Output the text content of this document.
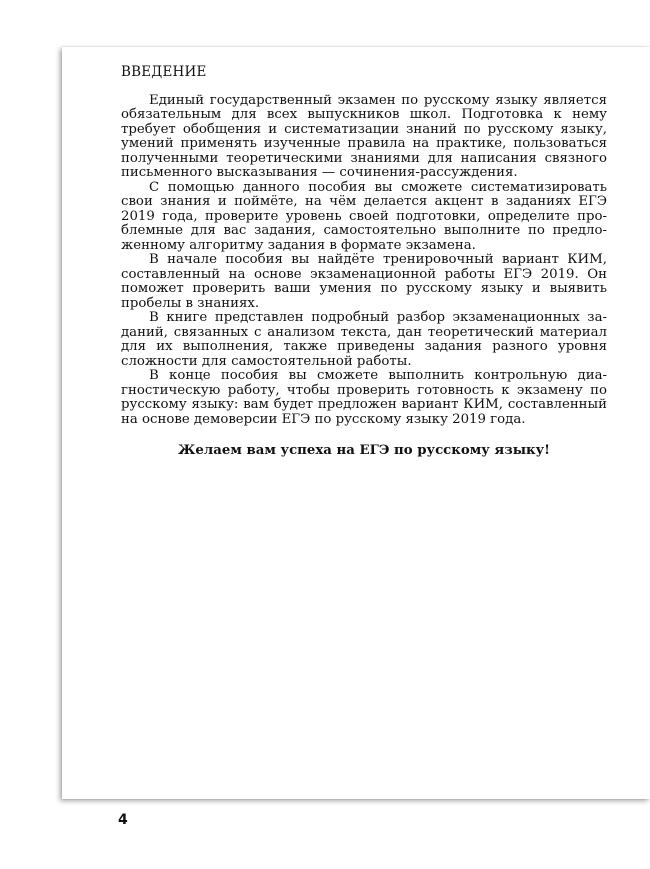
ВВЕДЕНИЕ

Единый государственный экзамен по русскому языку является обязательным для всех выпускников школ. Подготовка к нему требует обобщения и систематизации знаний по русскому языку, умений применять изученные правила на практике, пользоваться полученными теоретическими знаниями для написания связного письменного высказывания — сочинения-рассуждения.

С помощью данного пособия вы сможете систематизировать свои знания и поймёте, на чём делается акцент в заданиях ЕГЭ 2019 года, проверите уровень своей подготовки, определите проблемные для вас задания, самостоятельно выполните по предложенному алгоритму задания в формате экзамена.

В начале пособия вы найдёте тренировочный вариант КИМ, составленный на основе экзаменационной работы ЕГЭ 2019. Он поможет проверить ваши умения по русскому языку и выявить пробелы в знаниях.

В книге представлен подробный разбор экзаменационных заданий, связанных с анализом текста, дан теоретический материал для их выполнения, также приведены задания разного уровня сложности для самостоятельной работы.

В конце пособия вы сможете выполнить контрольную диагностическую работу, чтобы проверить готовность к экзамену по русскому языку: вам будет предложен вариант КИМ, составленный на основе демоверсии ЕГЭ по русскому языку 2019 года.

Желаем вам успеха на ЕГЭ по русскому языку!
4
